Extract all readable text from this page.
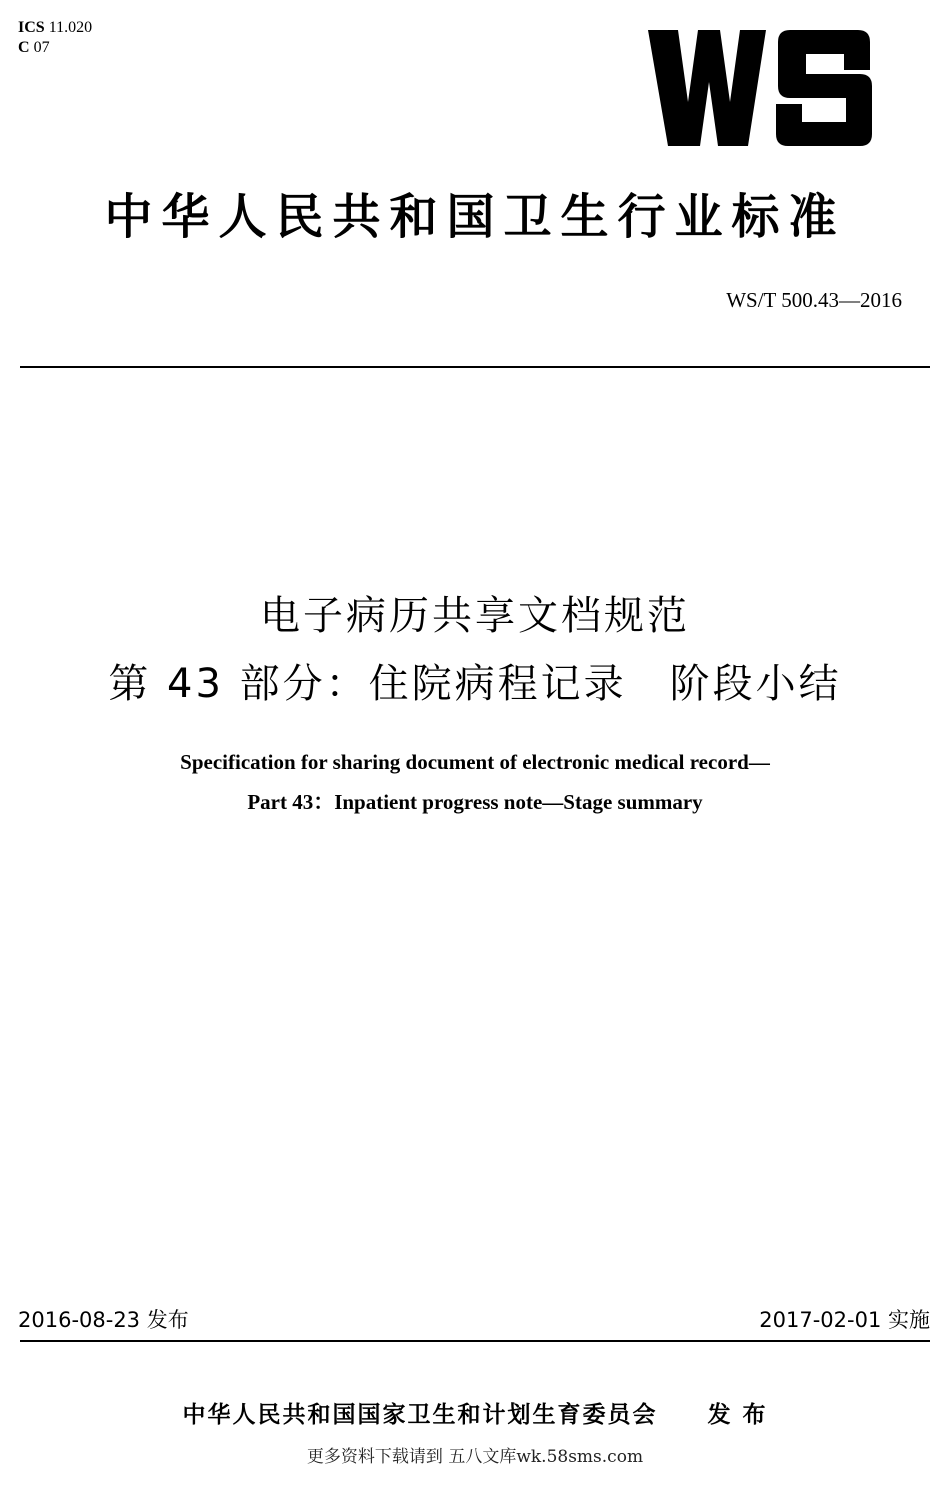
ICS 11.020
C 07
中华人民共和国卫生行业标准
WS/T 500.43—2016
电子病历共享文档规范
第 43 部分：住院病程记录　阶段小结
Specification for sharing document of electronic medical record—
Part 43：Inpatient progress note—Stage summary
2016-08-23 发布	2017-02-01 实施
中华人民共和国国家卫生和计划生育委员会　　发 布
更多资料下载请到 五八文库wk.58sms.com
